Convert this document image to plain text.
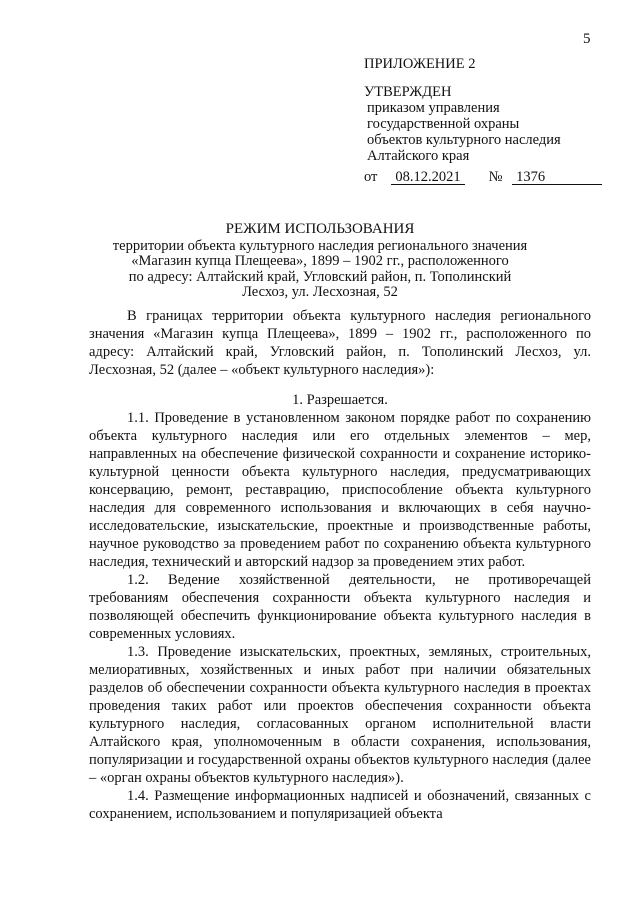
5
ПРИЛОЖЕНИЕ 2
УТВЕРЖДЕН
приказом управления
государственной охраны
объектов культурного наследия
Алтайского края
от 08.12.2021 № 1376
РЕЖИМ ИСПОЛЬЗОВАНИЯ
территории объекта культурного наследия регионального значения
«Магазин купца Плещеева», 1899 – 1902 гг., расположенного
по адресу: Алтайский край, Угловский район, п. Тополинский
Лесхоз, ул. Лесхозная, 52

В границах территории объекта культурного наследия регионального значения «Магазин купца Плещеева», 1899 – 1902 гг., расположенного по адресу: Алтайский край, Угловский район, п. Тополинский Лесхоз, ул. Лесхозная, 52 (далее – «объект культурного наследия»):

1. Разрешается.

1.1. Проведение в установленном законом порядке работ по сохранению объекта культурного наследия или его отдельных элементов – мер, направленных на обеспечение физической сохранности и сохранение историко-культурной ценности объекта культурного наследия, предусматривающих консервацию, ремонт, реставрацию, приспособление объекта культурного наследия для современного использования и включающих в себя научно-исследовательские, изыскательские, проектные и производственные работы, научное руководство за проведением работ по сохранению объекта культурного наследия, технический и авторский надзор за проведением этих работ.

1.2. Ведение хозяйственной деятельности, не противоречащей требованиям обеспечения сохранности объекта культурного наследия и позволяющей обеспечить функционирование объекта культурного наследия в современных условиях.

1.3. Проведение изыскательских, проектных, земляных, строительных, мелиоративных, хозяйственных и иных работ при наличии обязательных разделов об обеспечении сохранности объекта культурного наследия в проектах проведения таких работ или проектов обеспечения сохранности объекта культурного наследия, согласованных органом исполнительной власти Алтайского края, уполномоченным в области сохранения, использования, популяризации и государственной охраны объектов культурного наследия (далее – «орган охраны объектов культурного наследия»).

1.4. Размещение информационных надписей и обозначений, связанных с сохранением, использованием и популяризацией объекта
